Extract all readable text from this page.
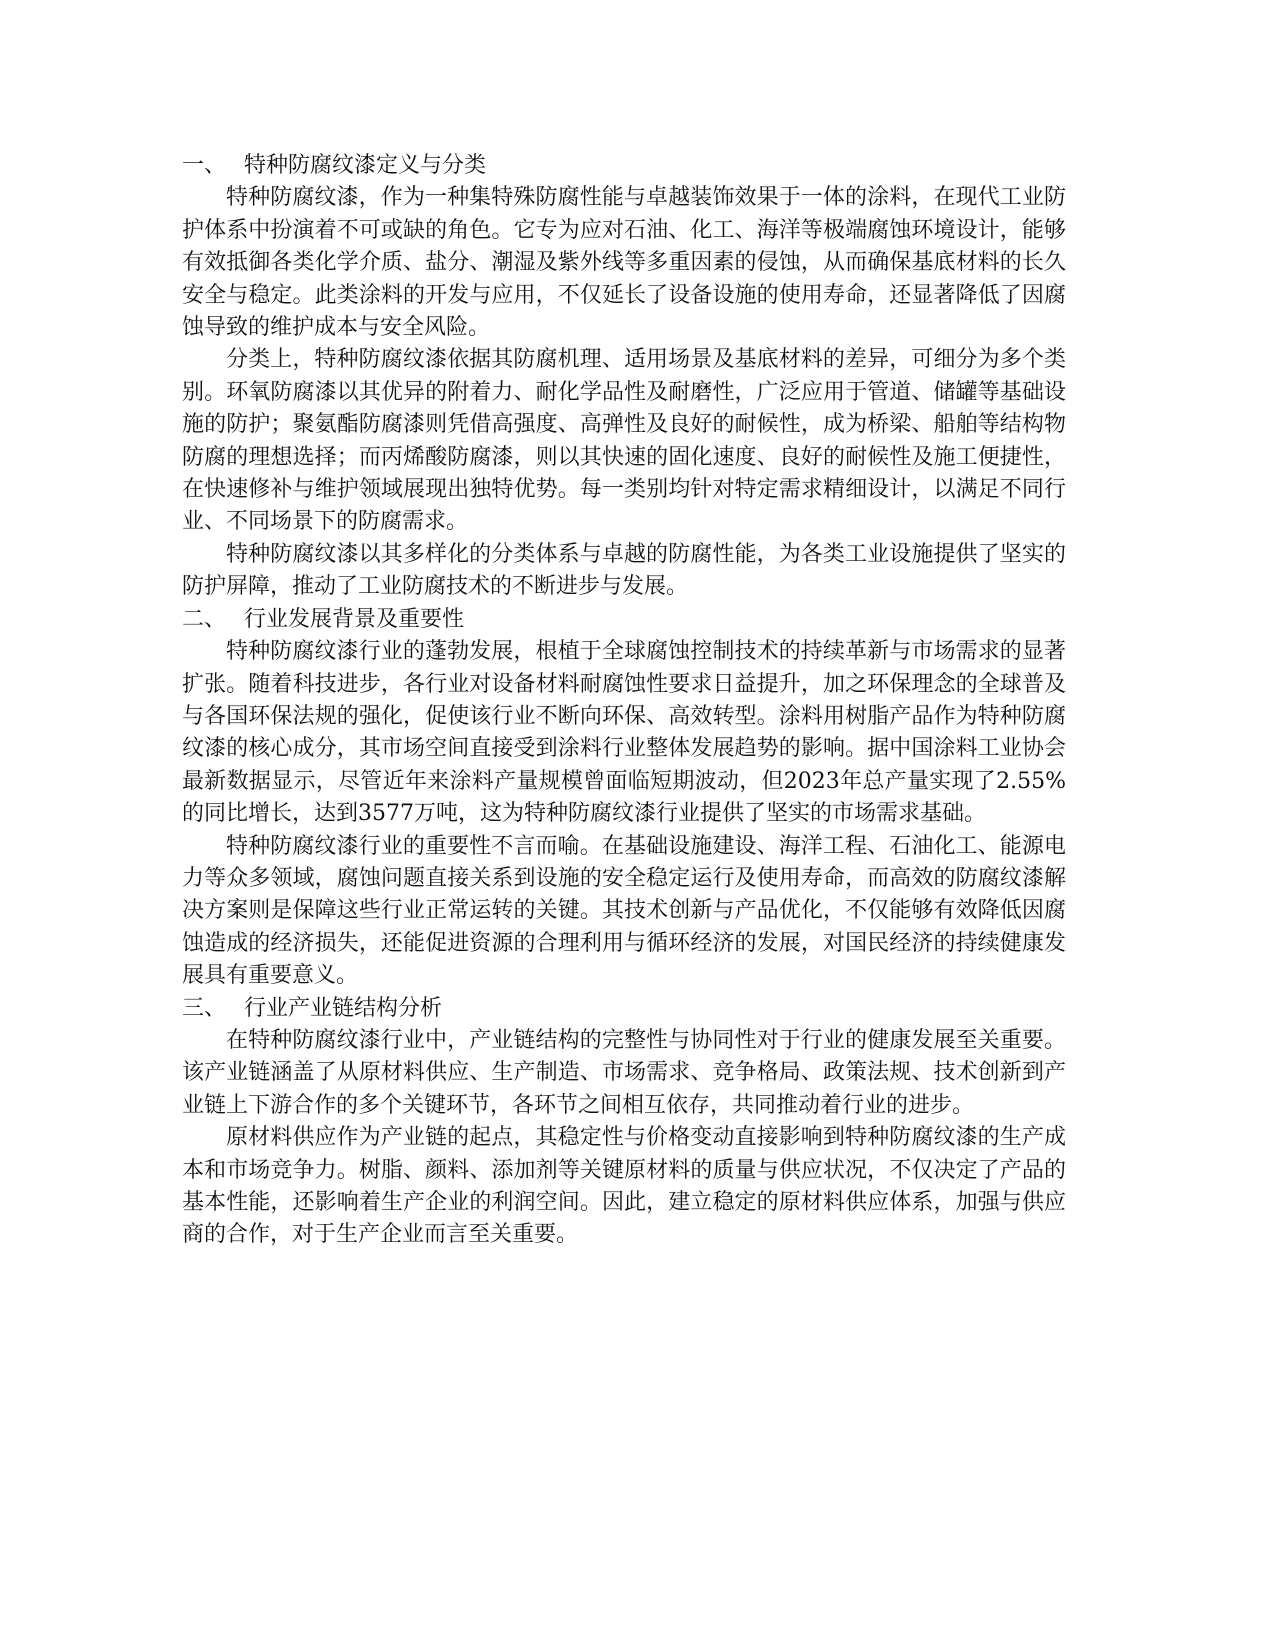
一、 特种防腐纹漆定义与分类

特种防腐纹漆，作为一种集特殊防腐性能与卓越装饰效果于一体的涂料，在现代工业防护体系中扮演着不可或缺的角色。它专为应对石油、化工、海洋等极端腐蚀环境设计，能够有效抵御各类化学介质、盐分、潮湿及紫外线等多重因素的侵蚀，从而确保基底材料的长久安全与稳定。此类涂料的开发与应用，不仅延长了设备设施的使用寿命，还显著降低了因腐蚀导致的维护成本与安全风险。

分类上，特种防腐纹漆依据其防腐机理、适用场景及基底材料的差异，可细分为多个类别。环氧防腐漆以其优异的附着力、耐化学品性及耐磨性，广泛应用于管道、储罐等基础设施的防护；聚氨酯防腐漆则凭借高强度、高弹性及良好的耐候性，成为桥梁、船舶等结构物防腐的理想选择；而丙烯酸防腐漆，则以其快速的固化速度、良好的耐候性及施工便捷性，在快速修补与维护领域展现出独特优势。每一类别均针对特定需求精细设计，以满足不同行业、不同场景下的防腐需求。

特种防腐纹漆以其多样化的分类体系与卓越的防腐性能，为各类工业设施提供了坚实的防护屏障，推动了工业防腐技术的不断进步与发展。

二、 行业发展背景及重要性

特种防腐纹漆行业的蓬勃发展，根植于全球腐蚀控制技术的持续革新与市场需求的显著扩张。随着科技进步，各行业对设备材料耐腐蚀性要求日益提升，加之环保理念的全球普及与各国环保法规的强化，促使该行业不断向环保、高效转型。涂料用树脂产品作为特种防腐纹漆的核心成分，其市场空间直接受到涂料行业整体发展趋势的影响。据中国涂料工业协会最新数据显示，尽管近年来涂料产量规模曾面临短期波动，但2023年总产量实现了2.55%的同比增长，达到3577万吨，这为特种防腐纹漆行业提供了坚实的市场需求基础。

特种防腐纹漆行业的重要性不言而喻。在基础设施建设、海洋工程、石油化工、能源电力等众多领域，腐蚀问题直接关系到设施的安全稳定运行及使用寿命，而高效的防腐纹漆解决方案则是保障这些行业正常运转的关键。其技术创新与产品优化，不仅能够有效降低因腐蚀造成的经济损失，还能促进资源的合理利用与循环经济的发展，对国民经济的持续健康发展具有重要意义。

三、 行业产业链结构分析

在特种防腐纹漆行业中，产业链结构的完整性与协同性对于行业的健康发展至关重要。该产业链涵盖了从原材料供应、生产制造、市场需求、竞争格局、政策法规、技术创新到产业链上下游合作的多个关键环节，各环节之间相互依存，共同推动着行业的进步。

原材料供应作为产业链的起点，其稳定性与价格变动直接影响到特种防腐纹漆的生产成本和市场竞争力。树脂、颜料、添加剂等关键原材料的质量与供应状况，不仅决定了产品的基本性能，还影响着生产企业的利润空间。因此，建立稳定的原材料供应体系，加强与供应商的合作，对于生产企业而言至关重要。
